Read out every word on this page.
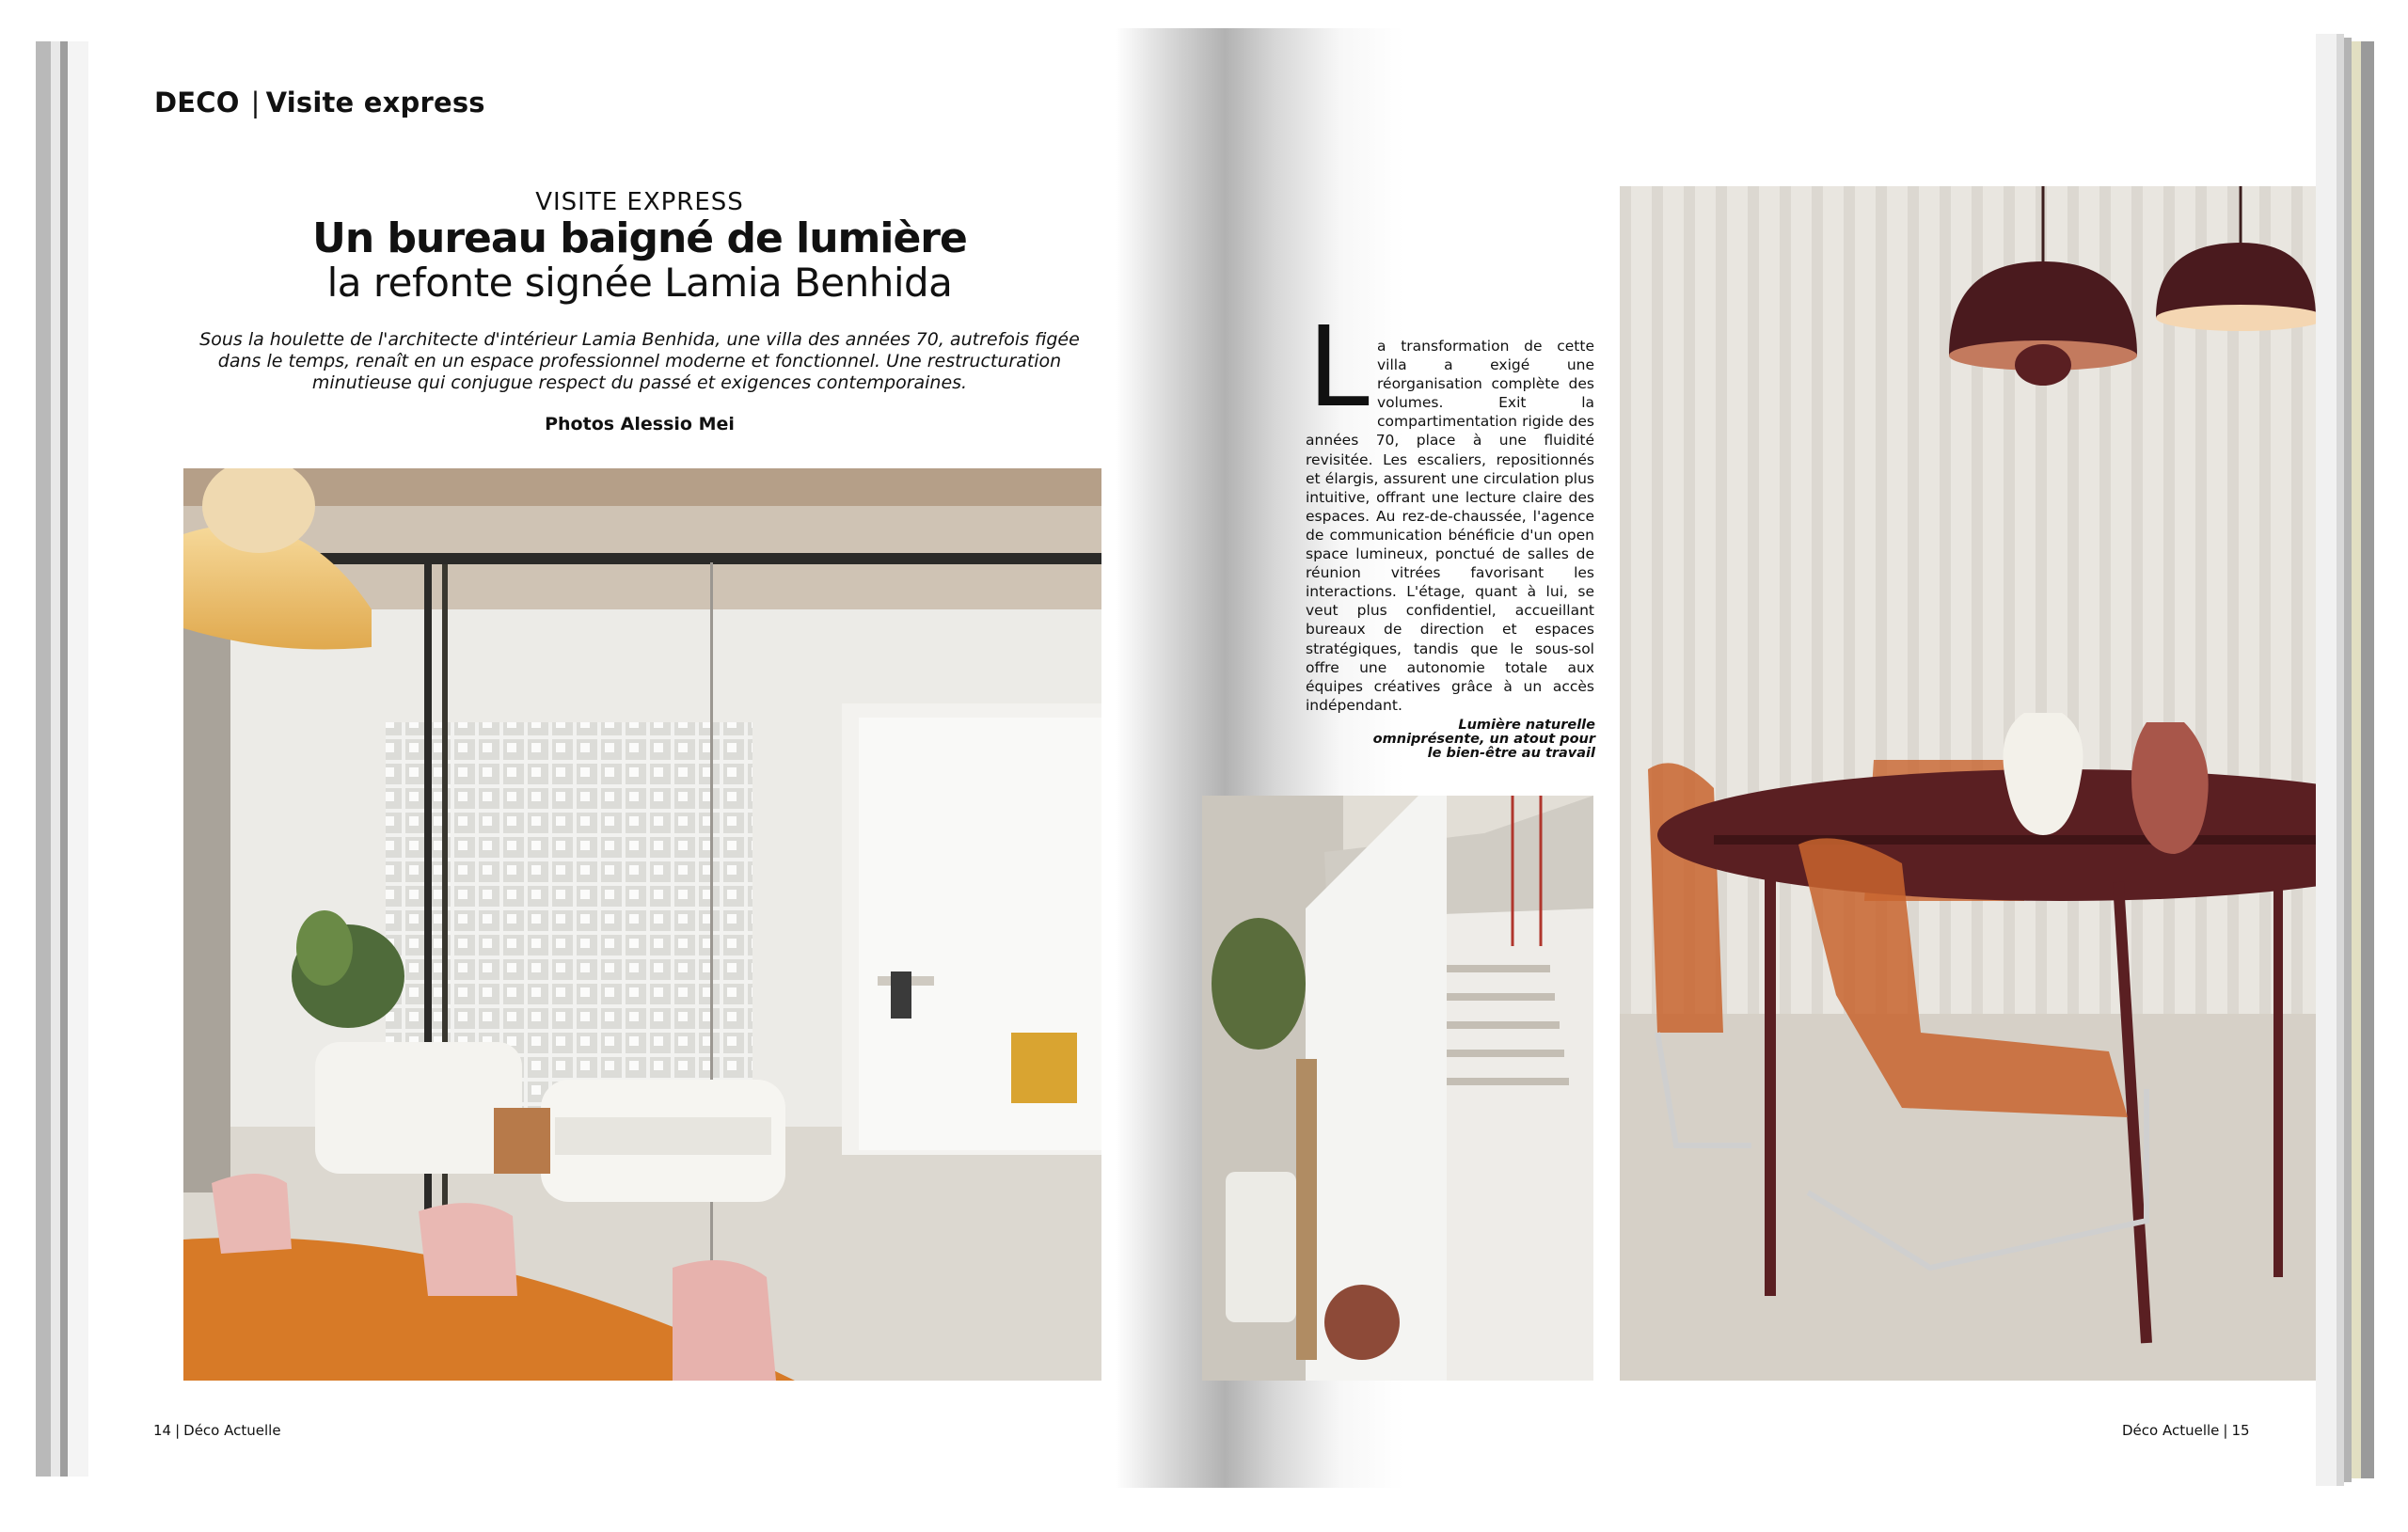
DECO | Visite express
VISITE EXPRESS
Un bureau baigné de lumière
la refonte signée Lamia Benhida
Sous la houlette de l'architecte d'intérieur Lamia Benhida, une villa des années 70, autrefois figée dans le temps, renaît en un espace professionnel moderne et fonctionnel. Une restructuration minutieuse qui conjugue respect du passé et exigences contemporaines.
Photos Alessio Mei
14 | Déco Actuelle
L a transformation de cette villa a exigé une réorganisation complète des volumes. Exit la compartimentation rigide des années 70, place à une fluidité revisitée. Les escaliers, repositionnés et élargis, assurent une circulation plus intuitive, offrant une lecture claire des espaces. Au rez-de-chaussée, l'agence de communication bénéficie d'un open space lumineux, ponctué de salles de réunion vitrées favorisant les interactions. L'étage, quant à lui, se veut plus confidentiel, accueillant bureaux de direction et espaces stratégiques, tandis que le sous-sol offre une autonomie totale aux équipes créatives grâce à un accès indépendant.

Lumière naturelle omniprésente, un atout pour le bien-être au travail
Déco Actuelle | 15
